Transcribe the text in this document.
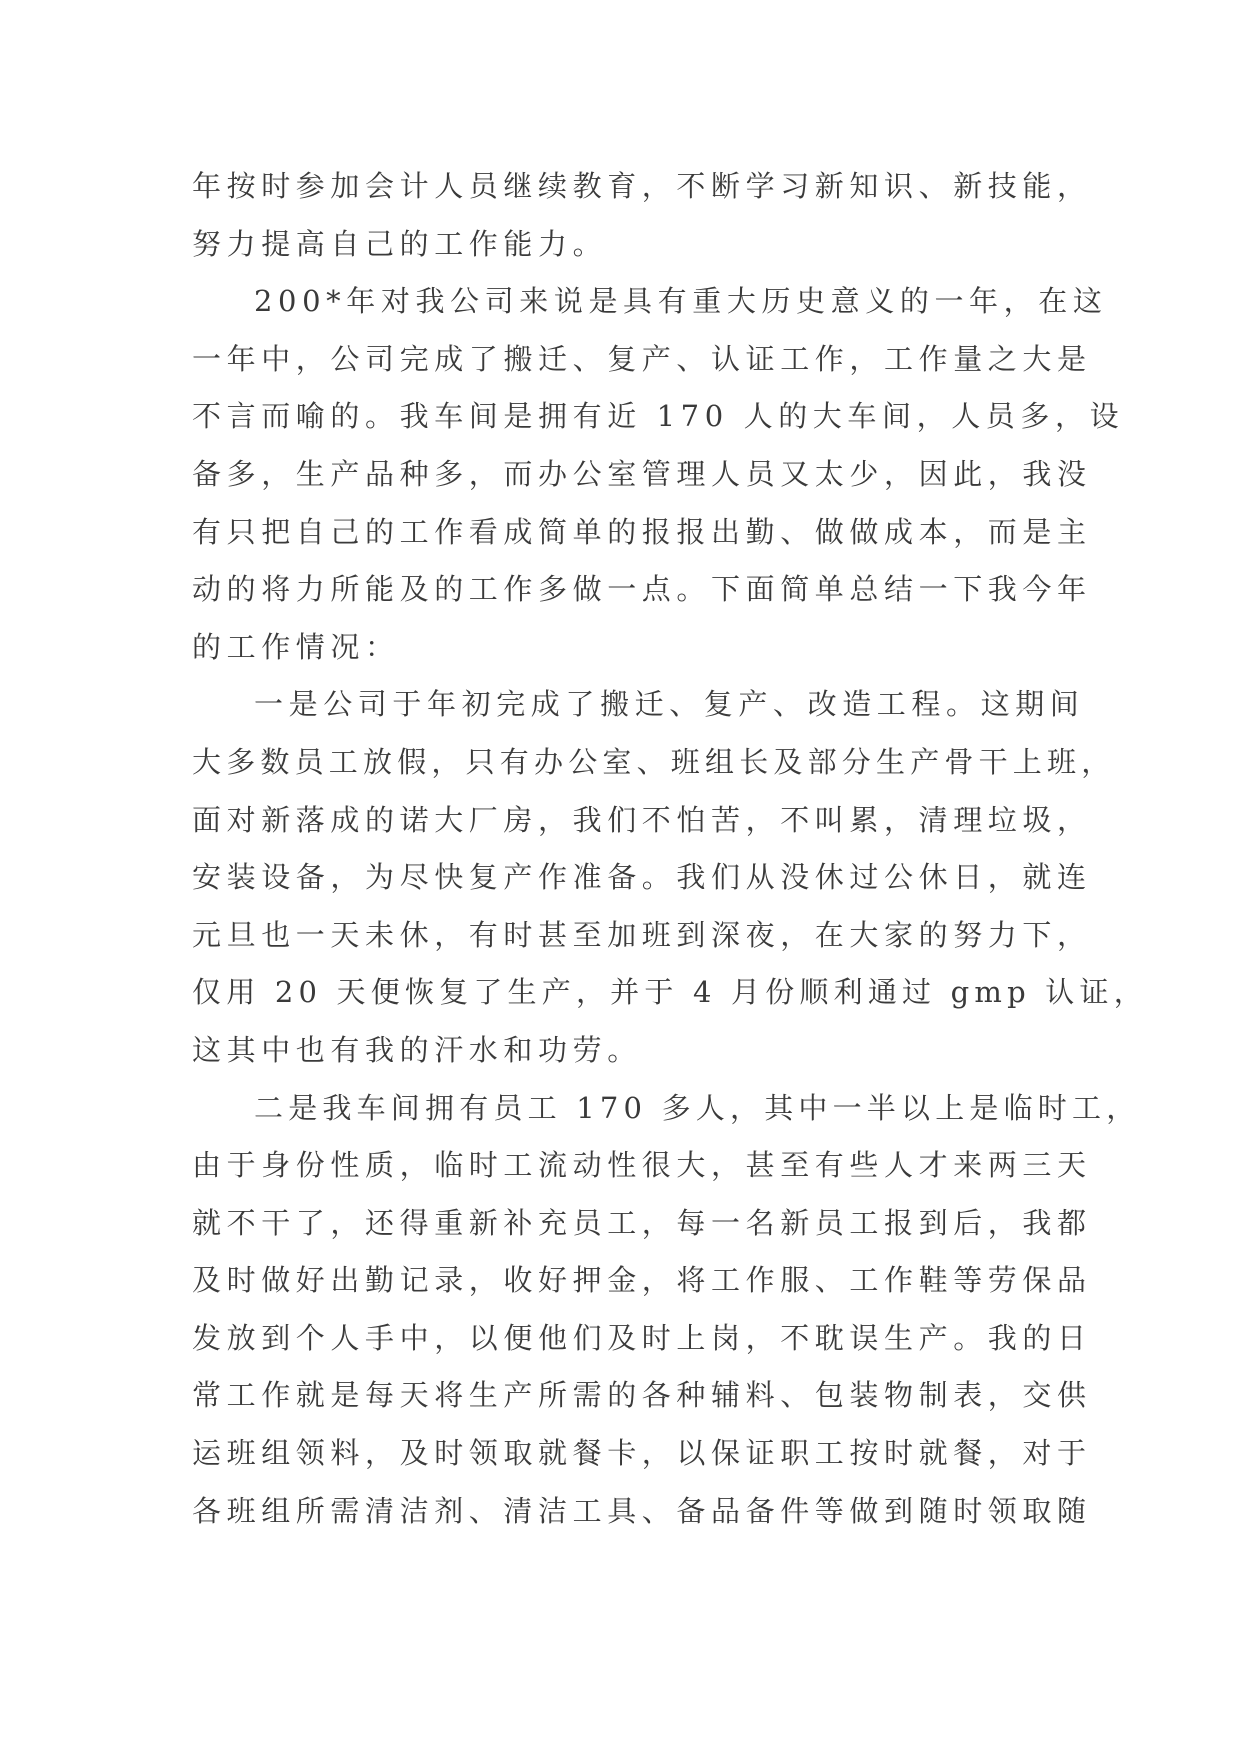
年按时参加会计人员继续教育，不断学习新知识、新技能，
努力提高自己的工作能力。
200*年对我公司来说是具有重大历史意义的一年，在这
一年中，公司完成了搬迁、复产、认证工作，工作量之大是
不言而喻的。我车间是拥有近 170 人的大车间，人员多，设
备多，生产品种多，而办公室管理人员又太少，因此，我没
有只把自己的工作看成简单的报报出勤、做做成本，而是主
动的将力所能及的工作多做一点。下面简单总结一下我今年
的工作情况：
一是公司于年初完成了搬迁、复产、改造工程。这期间
大多数员工放假，只有办公室、班组长及部分生产骨干上班，
面对新落成的诺大厂房，我们不怕苦，不叫累，清理垃圾，
安装设备，为尽快复产作准备。我们从没休过公休日，就连
元旦也一天未休，有时甚至加班到深夜，在大家的努力下，
仅用 20 天便恢复了生产，并于 4 月份顺利通过 gmp 认证，
这其中也有我的汗水和功劳。
二是我车间拥有员工 170 多人，其中一半以上是临时工，
由于身份性质，临时工流动性很大，甚至有些人才来两三天
就不干了，还得重新补充员工，每一名新员工报到后，我都
及时做好出勤记录，收好押金，将工作服、工作鞋等劳保品
发放到个人手中，以便他们及时上岗，不耽误生产。我的日
常工作就是每天将生产所需的各种辅料、包装物制表，交供
运班组领料，及时领取就餐卡，以保证职工按时就餐，对于
各班组所需清洁剂、清洁工具、备品备件等做到随时领取随
